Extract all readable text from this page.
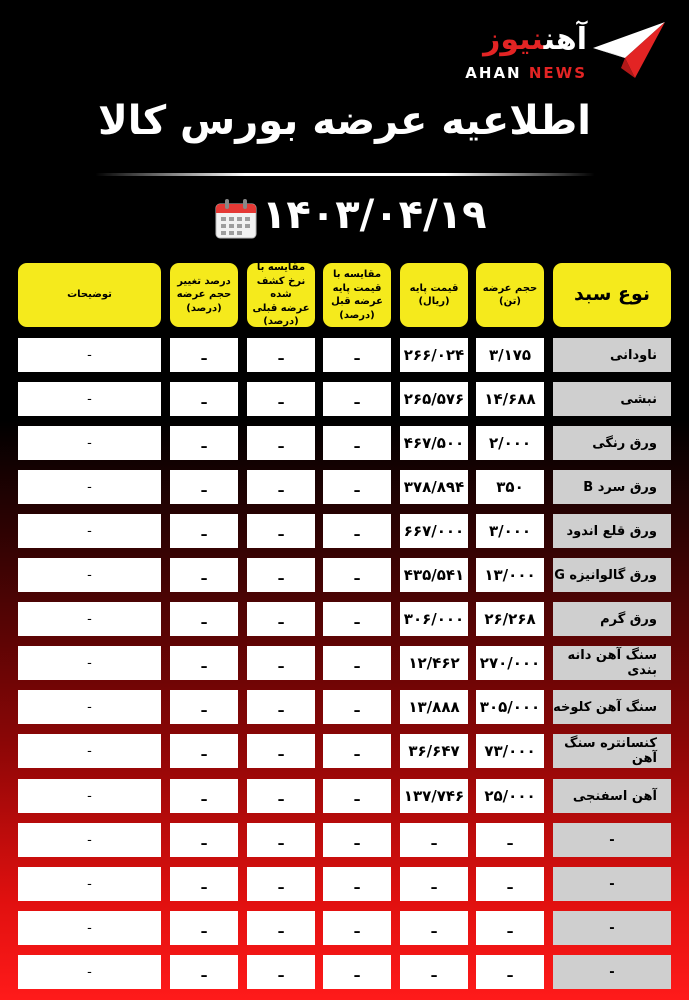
آهننیوز
AHAN NEWS
اطلاعیه عرضه بورس کالا
۱۴۰۳/۰۴/۱۹
نوع سبد
حجم عرضه
(تن)
قیمت پایه
(ریال)
مقایسه با
قیمت پایه
عرضه قبل
(درصد)
مقایسه با
نرخ کشف شده
عرضه قبلی
(درصد)
درصد تغییر
حجم عرضه
(درصد)
توضیحات
ناودانی
۳/۱۷۵
۲۶۶/۰۲۴
ـ
ـ
ـ
-
نبشی
۱۴/۶۸۸
۲۶۵/۵۷۶
ـ
ـ
ـ
-
ورق رنگی
۲/۰۰۰
۴۶۷/۵۰۰
ـ
ـ
ـ
-
ورق سرد B
۳۵۰
۳۷۸/۸۹۴
ـ
ـ
ـ
-
ورق قلع اندود
۳/۰۰۰
۶۶۷/۰۰۰
ـ
ـ
ـ
-
ورق گالوانیزه G
۱۳/۰۰۰
۴۳۵/۵۴۱
ـ
ـ
ـ
-
ورق گرم
۲۶/۲۶۸
۳۰۶/۰۰۰
ـ
ـ
ـ
-
سنگ آهن دانه بندی
۲۷۰/۰۰۰
۱۲/۴۶۲
ـ
ـ
ـ
-
سنگ آهن کلوخه
۳۰۵/۰۰۰
۱۳/۸۸۸
ـ
ـ
ـ
-
کنسانتره سنگ آهن
۷۳/۰۰۰
۳۶/۶۴۷
ـ
ـ
ـ
-
آهن اسفنجی
۲۵/۰۰۰
۱۳۷/۷۴۶
ـ
ـ
ـ
-
-
ـ
ـ
ـ
ـ
ـ
-
-
ـ
ـ
ـ
ـ
ـ
-
-
ـ
ـ
ـ
ـ
ـ
-
-
ـ
ـ
ـ
ـ
ـ
-
